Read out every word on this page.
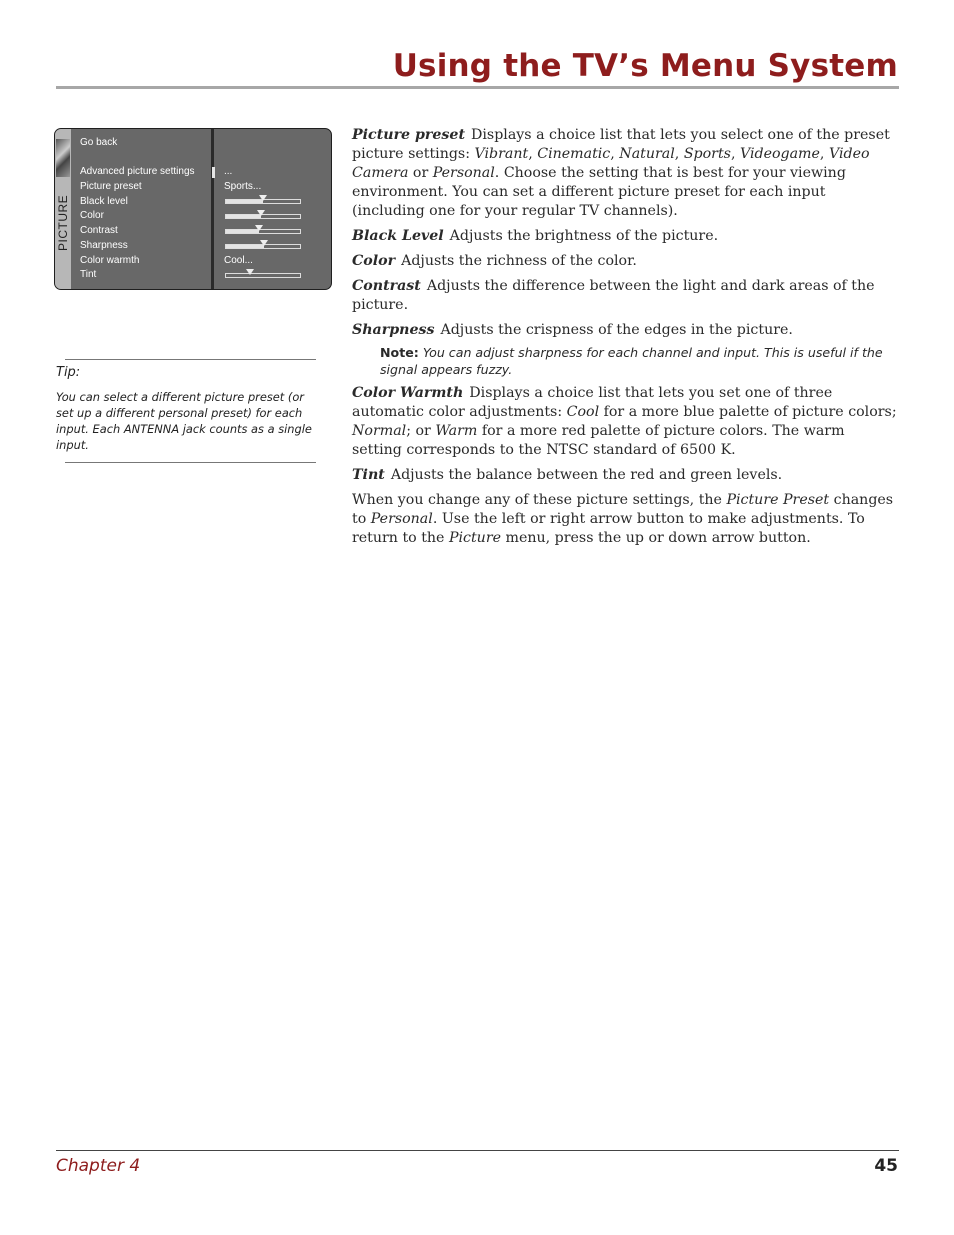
Using the TV’s Menu System
PICTURE
Go back
Advanced picture settings	...
Picture preset	Sports...
Black level
Color
Contrast
Sharpness
Color warmth	Cool...
Tint
Tip:
You can select a different picture preset (or set up a different personal preset) for each input. Each ANTENNA jack counts as a single input.

Picture preset Displays a choice list that lets you select one of the preset picture settings: Vibrant, Cinematic, Natural, Sports, Videogame, Video Camera or Personal. Choose the setting that is best for your viewing environment. You can set a different picture preset for each input (including one for your regular TV channels).

Black Level Adjusts the brightness of the picture.

Color Adjusts the richness of the color.

Contrast Adjusts the difference between the light and dark areas of the picture.

Sharpness Adjusts the crispness of the edges in the picture.

Note: You can adjust sharpness for each channel and input. This is useful if the signal appears fuzzy.

Color Warmth Displays a choice list that lets you set one of three automatic color adjustments: Cool for a more blue palette of picture colors; Normal; or Warm for a more red palette of picture colors. The warm setting corresponds to the NTSC standard of 6500 K.

Tint Adjusts the balance between the red and green levels.

When you change any of these picture settings, the Picture Preset changes to Personal. Use the left or right arrow button to make adjustments. To return to the Picture menu, press the up or down arrow button.

Chapter 4	45
